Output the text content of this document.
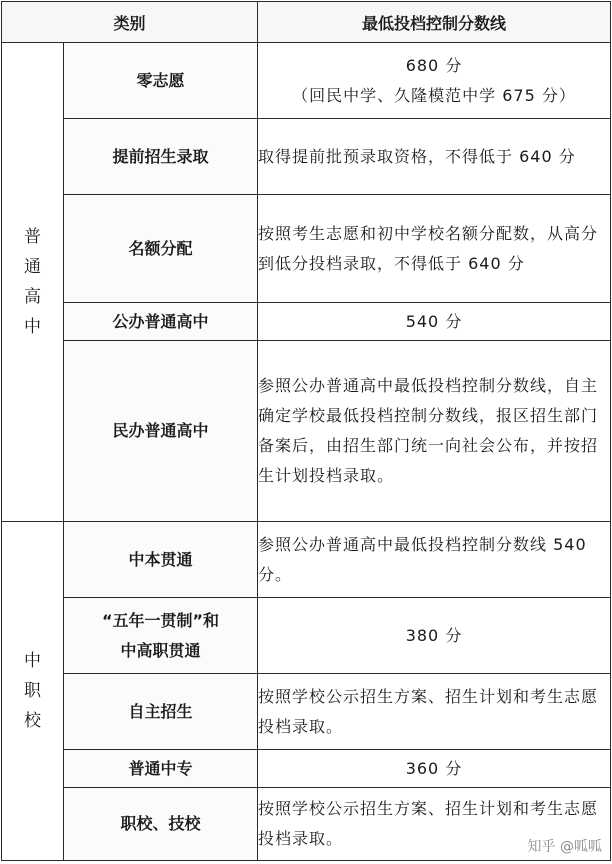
类别		最低投档控制分数线

普
通
高
中	零志愿	680 分
（回民中学、久隆模范中学 675 分）

	提前招生录取	取得提前批预录取资格，不得低于 640 分
	名额分配	按照考生志愿和初中学校名额分配数，从高分到低分投档录取，不得低于 640 分
	公办普通高中	540 分
	民办普通高中	参照公办普通高中最低投档控制分数线，自主确定学校最低投档控制分数线，报区招生部门备案后，由招生部门统一向社会公布，并按招生计划投档录取。

中
职
校	中本贯通	参照公办普通高中最低投档控制分数线 540 分。

	“五年一贯制”和
中高职贯通	380 分
	自主招生	按照学校公示招生方案、招生计划和考生志愿投档录取。
	普通中专	360 分
	职校、技校	按照学校公示招生方案、招生计划和考生志愿投档录取。	知乎 @呱呱
